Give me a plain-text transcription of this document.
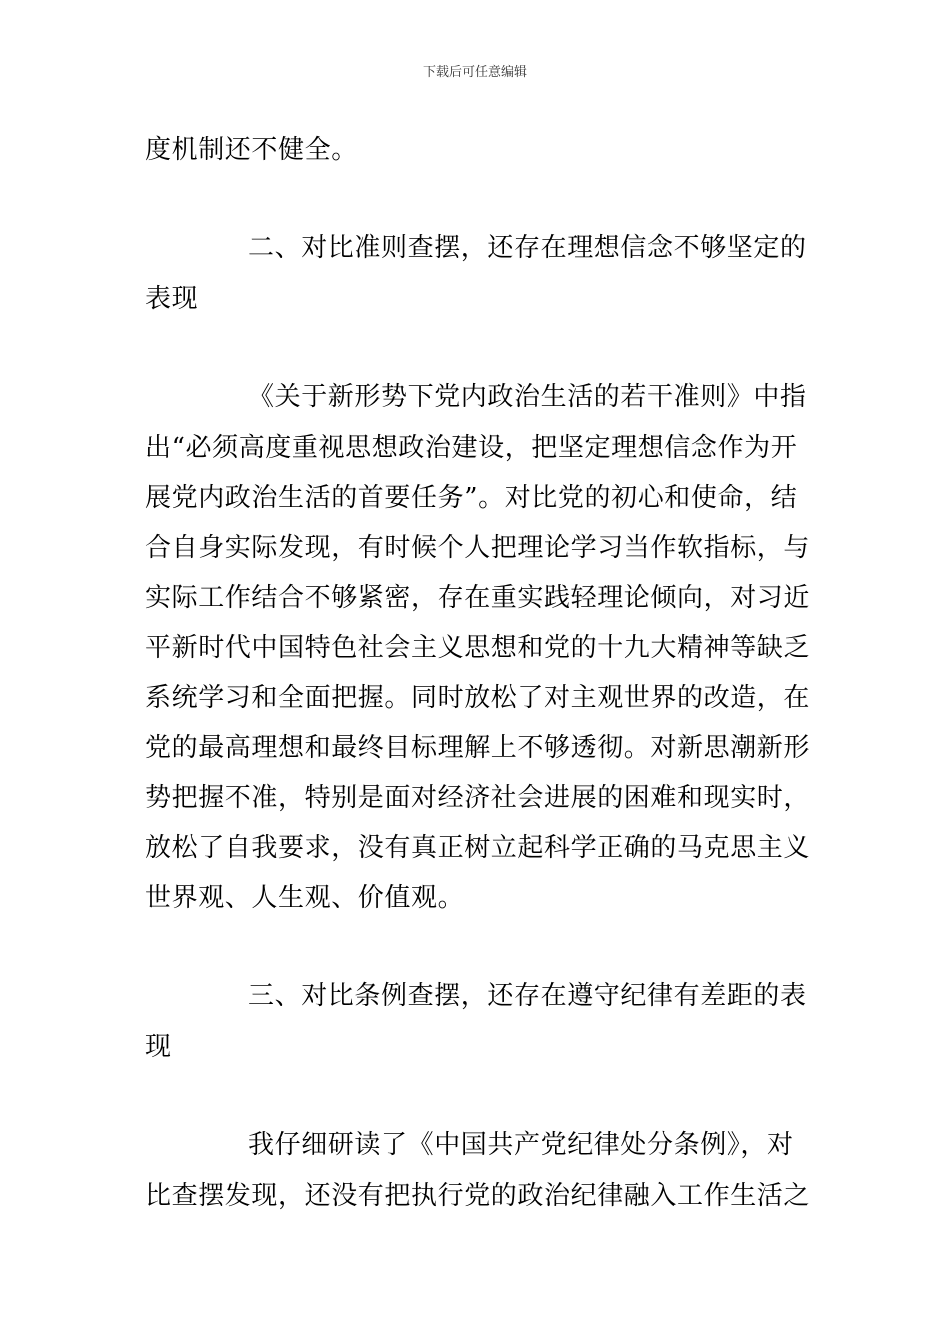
下载后可任意编辑
度机制还不健全。
二、对比准则查摆，还存在理想信念不够坚定的
表现
《关于新形势下党内政治生活的若干准则》中指
出“必须高度重视思想政治建设，把坚定理想信念作为开
展党内政治生活的首要任务”。对比党的初心和使命，结
合自身实际发现，有时候个人把理论学习当作软指标，与
实际工作结合不够紧密，存在重实践轻理论倾向，对习近
平新时代中国特色社会主义思想和党的十九大精神等缺乏
系统学习和全面把握。同时放松了对主观世界的改造，在
党的最高理想和最终目标理解上不够透彻。对新思潮新形
势把握不准，特别是面对经济社会进展的困难和现实时，
放松了自我要求，没有真正树立起科学正确的马克思主义
世界观、人生观、价值观。
三、对比条例查摆，还存在遵守纪律有差距的表
现
我仔细研读了《中国共产党纪律处分条例》，对
比查摆发现，还没有把执行党的政治纪律融入工作生活之
